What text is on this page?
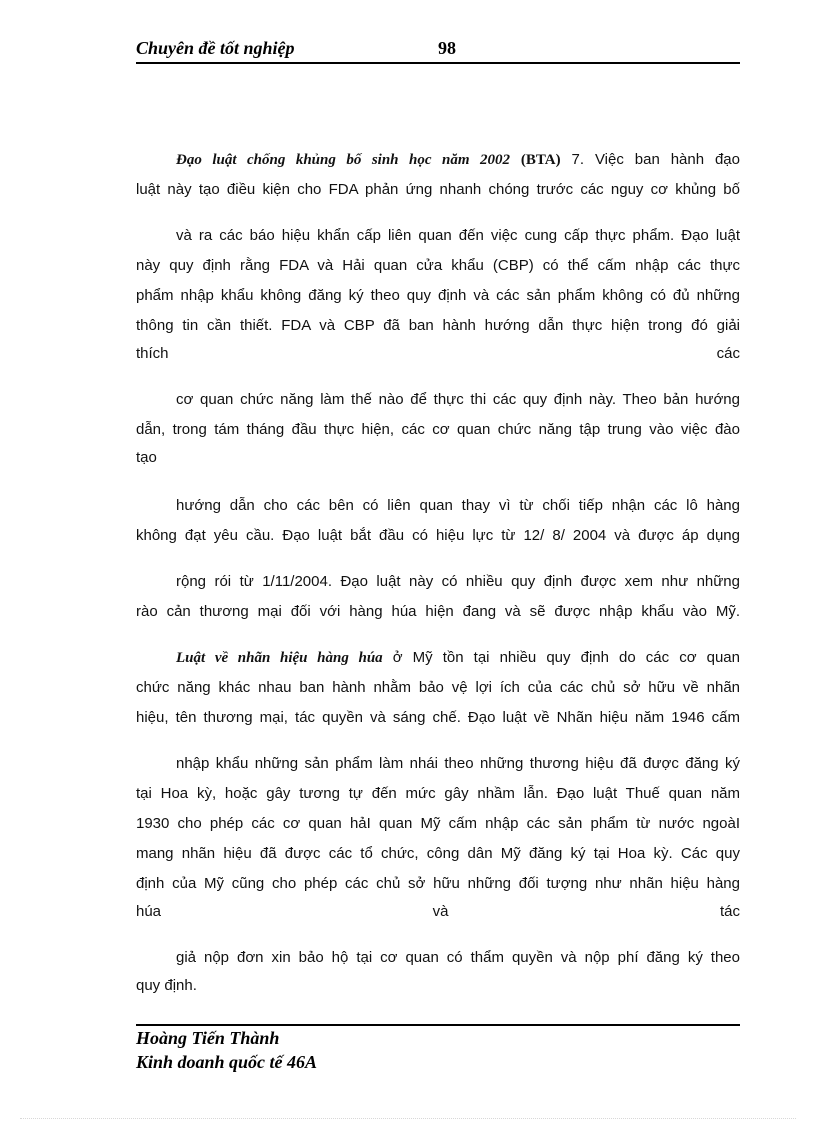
Chuyên đề tốt nghiệp	98
Đạo luật chống khủng bố sinh học năm 2002 (BTA) 7. Việc ban hành đạo
luật này tạo điều kiện cho FDA phản ứng nhanh chóng trước các nguy cơ khủng bố
và ra các báo hiệu khẩn cấp liên quan đến việc cung cấp thực phẩm. Đạo luật
này quy định rằng FDA và Hải quan cửa khẩu (CBP) có thể cấm nhập các thực
phẩm nhập khẩu không đăng ký theo quy định và các sản phẩm không có đủ những
thông tin cần thiết. FDA và CBP đã ban hành hướng dẫn thực hiện trong đó giải
thích	các
cơ quan chức năng làm thế nào để thực thi các quy định này. Theo bản hướng
dẫn, trong tám tháng đầu thực hiện, các cơ quan chức năng tập trung vào việc đào
tạo
hướng dẫn cho các bên có liên quan thay vì từ chối tiếp nhận các lô hàng
không đạt yêu cầu. Đạo luật bắt đầu có hiệu lực từ 12/ 8/ 2004 và được áp dụng
rộng rói từ 1/11/2004. Đạo luật này có nhiều quy định được xem như những
rào cản thương mại đối với hàng húa hiện đang và sẽ được nhập khẩu vào Mỹ.
Luật về nhãn hiệu hàng húa ở Mỹ tồn tại nhiều quy định do các cơ quan
chức năng khác nhau ban hành nhằm bảo vệ lợi ích của các chủ sở hữu về nhãn
hiệu, tên thương mại, tác quyền và sáng chế. Đạo luật về Nhãn hiệu năm 1946 cấm
nhập khẩu những sản phẩm làm nhái theo những thương hiệu đã được đăng ký
tại Hoa kỳ, hoặc gây tương tự đến mức gây nhầm lẫn. Đạo luật Thuế quan năm
1930 cho phép các cơ quan hảI quan Mỹ cấm nhập các sản phẩm từ nước ngoàI
mang nhãn hiệu đã được các tổ chức, công dân Mỹ đăng ký tại Hoa kỳ. Các quy
định của Mỹ cũng cho phép các chủ sở hữu những đối tượng như nhãn hiệu hàng
húa	và	tác
giả nộp đơn xin bảo hộ tại cơ quan có thẩm quyền và nộp phí đăng ký theo
quy định.
Hoàng Tiến Thành
Kinh doanh quốc tế 46A
